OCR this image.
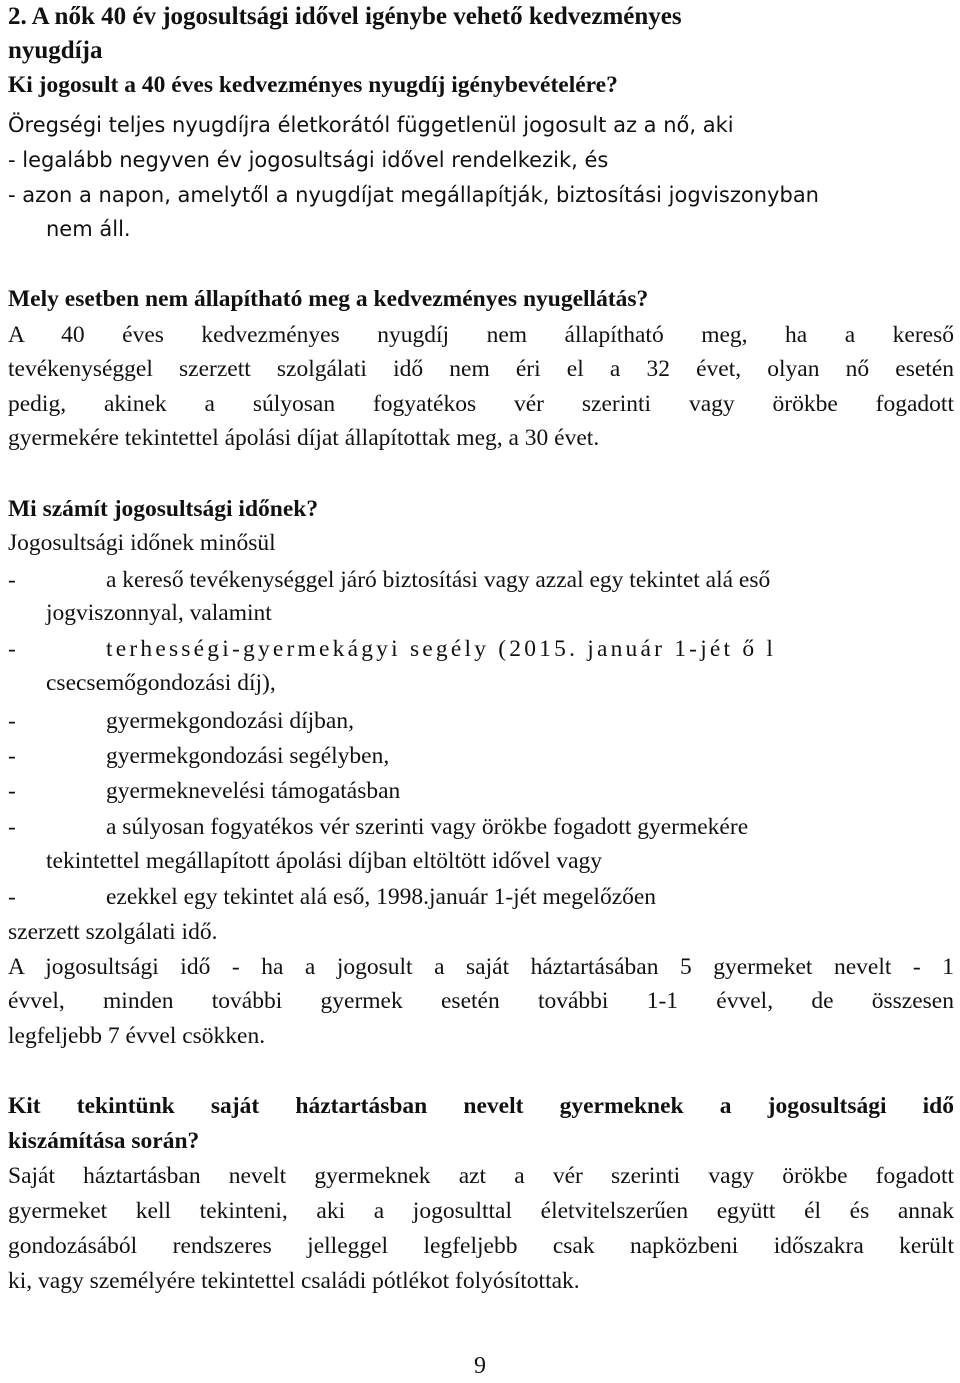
2. A nők 40 év jogosultsági idővel igénybe vehető kedvezményes
nyugdíja
Ki jogosult a 40 éves kedvezményes nyugdíj igénybevételére?
Öregségi teljes nyugdíjra életkorától függetlenül jogosult az a nő, aki
- legalább negyven év jogosultsági idővel rendelkezik, és
- azon a napon, amelytől a nyugdíjat megállapítják, biztosítási jogviszonyban
nem áll.
Mely esetben nem állapítható meg a kedvezményes nyugellátás?
A 40 éves kedvezményes nyugdíj nem állapítható meg, ha a kereső
tevékenységgel szerzett szolgálati idő nem éri el a 32 évet, olyan nő esetén
pedig, akinek a súlyosan fogyatékos vér szerinti vagy örökbe fogadott
gyermekére tekintettel ápolási díjat állapítottak meg, a 30 évet.
Mi számít jogosultsági időnek?
Jogosultsági időnek minősül
-	a kereső tevékenységgel járó biztosítási vagy azzal egy tekintet alá eső
jogviszonnyal, valamint
-	terhességi-gyermekágyi segély (2015. január 1-jét ő l
csecsemőgondozási díj),
-	gyermekgondozási díjban,
-	gyermekgondozási segélyben,
-	gyermeknevelési támogatásban
-	a súlyosan fogyatékos vér szerinti vagy örökbe fogadott gyermekére
tekintettel megállapított ápolási díjban eltöltött idővel vagy
-	ezekkel egy tekintet alá eső, 1998.január 1-jét megelőzően
szerzett szolgálati idő.
A jogosultsági idő - ha a jogosult a saját háztartásában 5 gyermeket nevelt - 1
évvel, minden további gyermek esetén további 1-1 évvel, de összesen
legfeljebb 7 évvel csökken.
Kit tekintünk saját háztartásban nevelt gyermeknek a jogosultsági idő
kiszámítása során?
Saját háztartásban nevelt gyermeknek azt a vér szerinti vagy örökbe fogadott
gyermeket kell tekinteni, aki a jogosulttal életvitelszerűen együtt él és annak
gondozásából rendszeres jelleggel legfeljebb csak napközbeni időszakra került
ki, vagy személyére tekintettel családi pótlékot folyósítottak.
9
